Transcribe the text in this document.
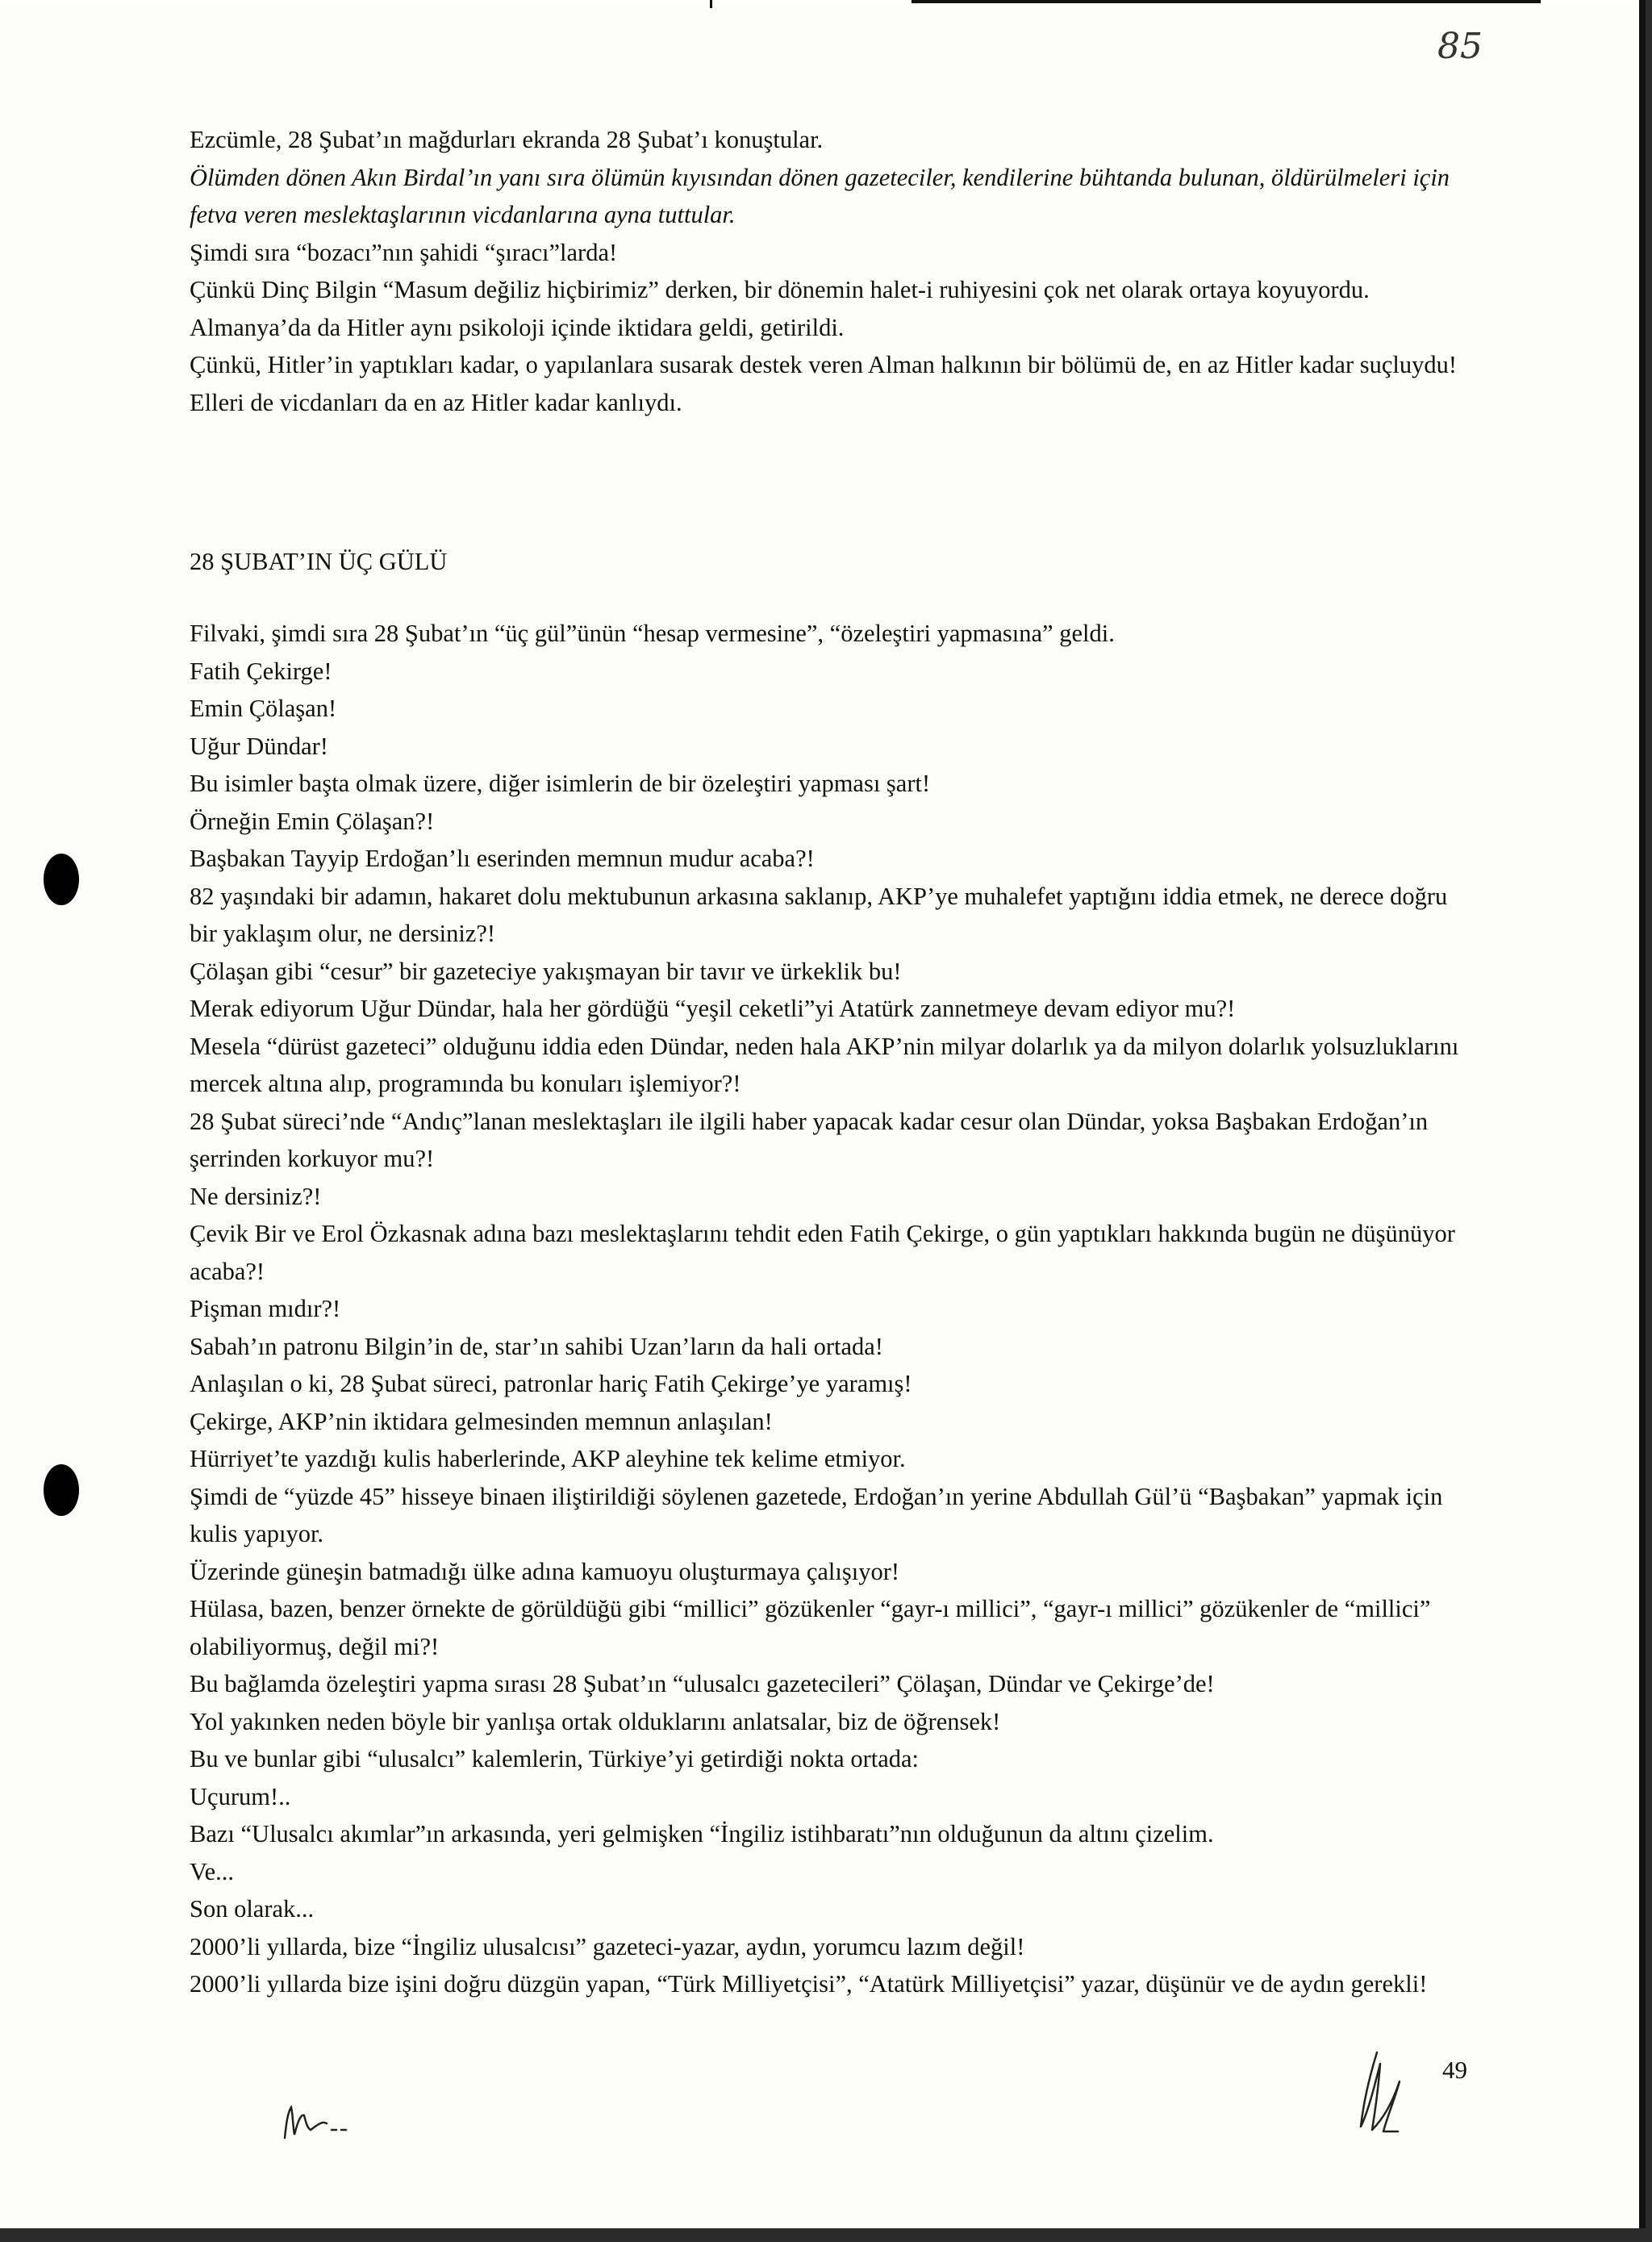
85

Ezcümle, 28 Şubat’ın mağdurları ekranda 28 Şubat’ı konuştular.

Ölümden dönen Akın Birdal’ın yanı sıra ölümün kıyısından dönen gazeteciler, kendilerine bühtanda bulunan, öldürülmeleri için fetva veren meslektaşlarının vicdanlarına ayna tuttular.

Şimdi sıra “bozacı”nın şahidi “şıracı”larda!

Çünkü Dinç Bilgin “Masum değiliz hiçbirimiz” derken, bir dönemin halet-i ruhiyesini çok net olarak ortaya koyuyordu.

Almanya’da da Hitler aynı psikoloji içinde iktidara geldi, getirildi.

Çünkü, Hitler’in yaptıkları kadar, o yapılanlara susarak destek veren Alman halkının bir bölümü de, en az Hitler kadar suçluydu!

Elleri de vicdanları da en az Hitler kadar kanlıydı.

28 ŞUBAT’IN ÜÇ GÜLÜ

Filvaki, şimdi sıra 28 Şubat’ın “üç gül”ünün “hesap vermesine”, “özeleştiri yapmasına” geldi.

Fatih Çekirge!

Emin Çölaşan!

Uğur Dündar!

Bu isimler başta olmak üzere, diğer isimlerin de bir özeleştiri yapması şart!

Örneğin Emin Çölaşan?!

Başbakan Tayyip Erdoğan’lı eserinden memnun mudur acaba?!

82 yaşındaki bir adamın, hakaret dolu mektubunun arkasına saklanıp, AKP’ye muhalefet yaptığını iddia etmek, ne derece doğru bir yaklaşım olur, ne dersiniz?!

Çölaşan gibi “cesur” bir gazeteciye yakışmayan bir tavır ve ürkeklik bu!

Merak ediyorum Uğur Dündar, hala her gördüğü “yeşil ceketli”yi Atatürk zannetmeye devam ediyor mu?!

Mesela “dürüst gazeteci” olduğunu iddia eden Dündar, neden hala AKP’nin milyar dolarlık ya da milyon dolarlık yolsuzluklarını mercek altına alıp, programında bu konuları işlemiyor?!

28 Şubat süreci’nde “Andıç”lanan meslektaşları ile ilgili haber yapacak kadar cesur olan Dündar, yoksa Başbakan Erdoğan’ın şerrinden korkuyor mu?!

Ne dersiniz?!

Çevik Bir ve Erol Özkasnak adına bazı meslektaşlarını tehdit eden Fatih Çekirge, o gün yaptıkları hakkında bugün ne düşünüyor acaba?!

Pişman mıdır?!

Sabah’ın patronu Bilgin’in de, star’ın sahibi Uzan’ların da hali ortada!

Anlaşılan o ki, 28 Şubat süreci, patronlar hariç Fatih Çekirge’ye yaramış!

Çekirge, AKP’nin iktidara gelmesinden memnun anlaşılan!

Hürriyet’te yazdığı kulis haberlerinde, AKP aleyhine tek kelime etmiyor.

Şimdi de “yüzde 45” hisseye binaen iliştirildiği söylenen gazetede, Erdoğan’ın yerine Abdullah Gül’ü “Başbakan” yapmak için kulis yapıyor.

Üzerinde güneşin batmadığı ülke adına kamuoyu oluşturmaya çalışıyor!

Hülasa, bazen, benzer örnekte de görüldüğü gibi “millici” gözükenler “gayr-ı millici”, “gayr-ı millici” gözükenler de “millici” olabiliyormuş, değil mi?!

Bu bağlamda özeleştiri yapma sırası 28 Şubat’ın “ulusalcı gazetecileri” Çölaşan, Dündar ve Çekirge’de!

Yol yakınken neden böyle bir yanlışa ortak olduklarını anlatsalar, biz de öğrensek!

Bu ve bunlar gibi “ulusalcı” kalemlerin, Türkiye’yi getirdiği nokta ortada:

Uçurum!..

Bazı “Ulusalcı akımlar”ın arkasında, yeri gelmişken “İngiliz istihbaratı”nın olduğunun da altını çizelim.

Ve...

Son olarak...

2000’li yıllarda, bize “İngiliz ulusalcısı” gazeteci-yazar, aydın, yorumcu lazım değil!

2000’li yıllarda bize işini doğru düzgün yapan, “Türk Milliyetçisi”, “Atatürk Milliyetçisi” yazar, düşünür ve de aydın gerekli!

49
